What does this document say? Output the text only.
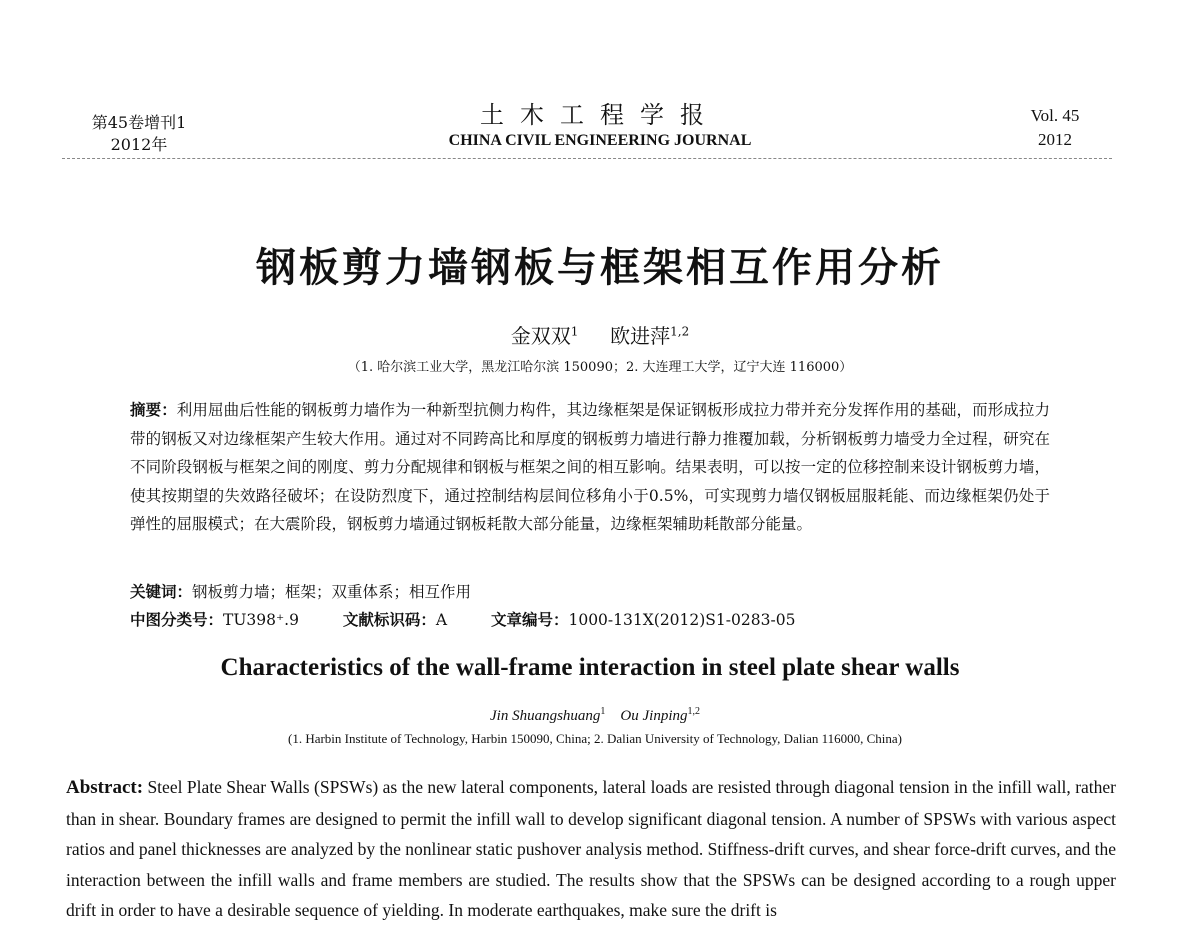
第45卷增刊1
2012年
土木工程学报
CHINA CIVIL ENGINEERING JOURNAL
Vol. 45
2012
钢板剪力墙钢板与框架相互作用分析
金双双$^1$ 欧进萍$^{1,2}$
（1. 哈尔滨工业大学，黑龙江哈尔滨 150090；2. 大连理工大学，辽宁大连 116000）
摘要：利用屈曲后性能的钢板剪力墙作为一种新型抗侧力构件，其边缘框架是保证钢板形成拉力带并充分发挥作用的基础，而形成拉力带的钢板又对边缘框架产生较大作用。通过对不同跨高比和厚度的钢板剪力墙进行静力推覆加载，分析钢板剪力墙受力全过程，研究在不同阶段钢板与框架之间的刚度、剪力分配规律和钢板与框架之间的相互影响。结果表明，可以按一定的位移控制来设计钢板剪力墙，使其按期望的失效路径破坏；在设防烈度下，通过控制结构层间位移角小于0.5%，可实现剪力墙仅钢板屈服耗能、而边缘框架仍处于弹性的屈服模式；在大震阶段，钢板剪力墙通过钢板耗散大部分能量，边缘框架辅助耗散部分能量。
关键词：钢板剪力墙；框架；双重体系；相互作用
中图分类号：TU398⁺.9	文献标识码：A	文章编号：1000-131X(2012)S1-0283-05
Characteristics of the wall-frame interaction in steel plate shear walls
Jin Shuangshuang$^1$ Ou Jinping$^{1,2}$
(1. Harbin Institute of Technology, Harbin 150090, China; 2. Dalian University of Technology, Dalian 116000, China)
Abstract: Steel Plate Shear Walls (SPSWs) as the new lateral components, lateral loads are resisted through diagonal tension in the infill wall, rather than in shear. Boundary frames are designed to permit the infill wall to develop significant diagonal tension. A number of SPSWs with various aspect ratios and panel thicknesses are analyzed by the nonlinear static pushover analysis method. Stiffness-drift curves, and shear force-drift curves, and the interaction between the infill walls and frame members are studied. The results show that the SPSWs can be designed according to a rough upper drift in order to have a desirable sequence of yielding. In moderate earthquakes, make sure the drift is
